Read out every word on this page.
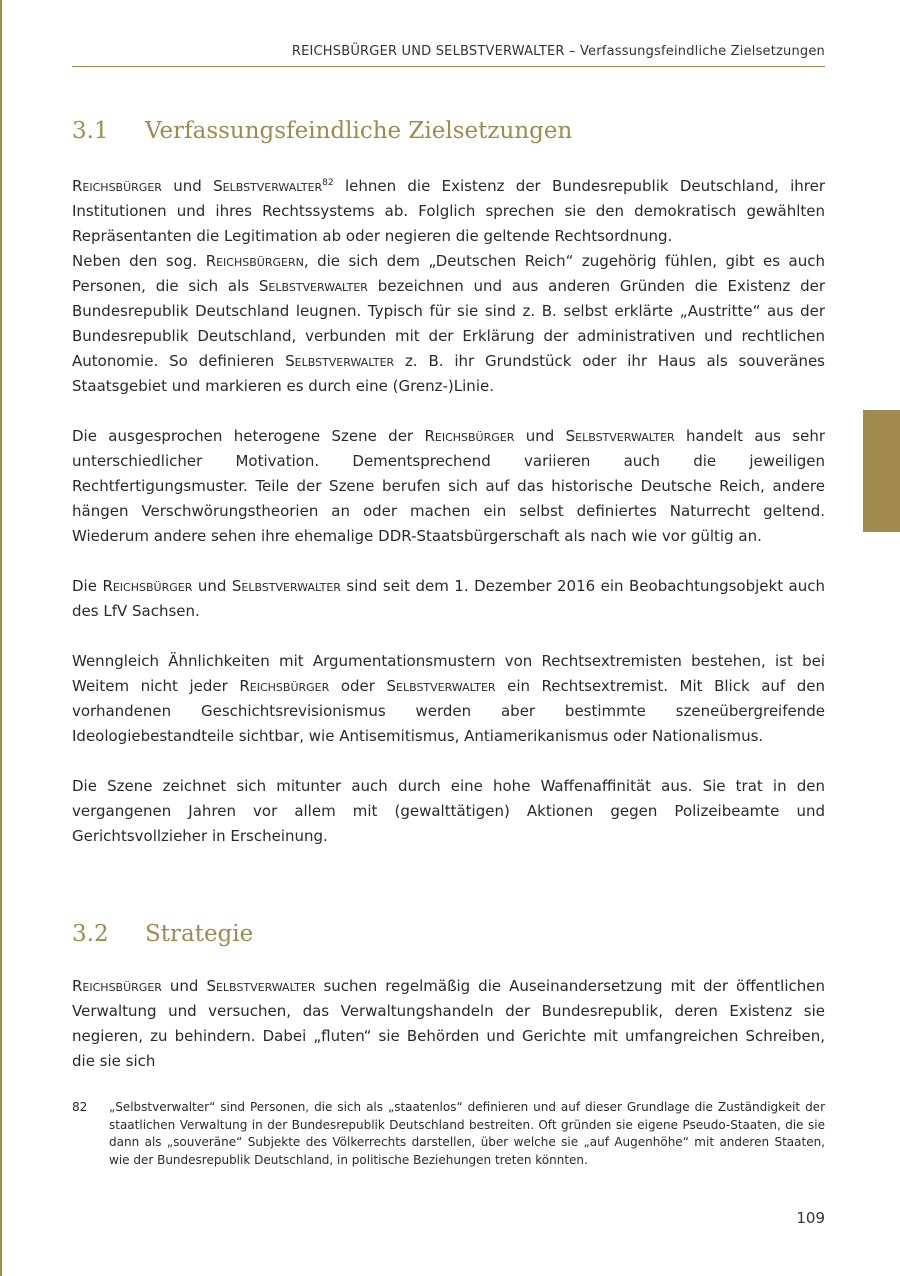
REICHSBÜRGER UND SELBSTVERWALTER – Verfassungsfeindliche Zielsetzungen
3.1 Verfassungsfeindliche Zielsetzungen

Reichsbürger und Selbstverwalter$^{82}$ lehnen die Existenz der Bundesrepublik Deutschland, ihrer Institutionen und ihres Rechtssystems ab. Folglich sprechen sie den demokratisch gewählten Repräsentanten die Legitimation ab oder negieren die geltende Rechtsordnung.

Neben den sog. Reichsbürgern, die sich dem „Deutschen Reich“ zugehörig fühlen, gibt es auch Personen, die sich als Selbstverwalter bezeichnen und aus anderen Gründen die Existenz der Bundesrepublik Deutschland leugnen. Typisch für sie sind z. B. selbst erklärte „Austritte“ aus der Bundesrepublik Deutschland, verbunden mit der Erklärung der administrativen und rechtlichen Autonomie. So definieren Selbstverwalter z. B. ihr Grundstück oder ihr Haus als souveränes Staatsgebiet und markieren es durch eine (Grenz-)Linie.

Die ausgesprochen heterogene Szene der Reichsbürger und Selbstverwalter handelt aus sehr unterschiedlicher Motivation. Dementsprechend variieren auch die jeweiligen Rechtfertigungsmuster. Teile der Szene berufen sich auf das historische Deutsche Reich, andere hängen Verschwörungstheorien an oder machen ein selbst definiertes Naturrecht geltend. Wiederum andere sehen ihre ehemalige DDR-Staatsbürgerschaft als nach wie vor gültig an.

Die Reichsbürger und Selbstverwalter sind seit dem 1. Dezember 2016 ein Beobachtungsobjekt auch des LfV Sachsen.

Wenngleich Ähnlichkeiten mit Argumentationsmustern von Rechtsextremisten bestehen, ist bei Weitem nicht jeder Reichsbürger oder Selbstverwalter ein Rechtsextremist. Mit Blick auf den vorhandenen Geschichtsrevisionismus werden aber bestimmte szeneübergreifende Ideologiebestandteile sichtbar, wie Antisemitismus, Antiamerikanismus oder Nationalismus.

Die Szene zeichnet sich mitunter auch durch eine hohe Waffenaffinität aus. Sie trat in den vergangenen Jahren vor allem mit (gewalttätigen) Aktionen gegen Polizeibeamte und Gerichtsvollzieher in Erscheinung.

3.2 Strategie

Reichsbürger und Selbstverwalter suchen regelmäßig die Auseinandersetzung mit der öffentlichen Verwaltung und versuchen, das Verwaltungshandeln der Bundesrepublik, deren Existenz sie negieren, zu behindern. Dabei „fluten“ sie Behörden und Gerichte mit umfangreichen Schreiben, die sie sich

82	„Selbstverwalter“ sind Personen, die sich als „staatenlos“ definieren und auf dieser Grundlage die Zuständigkeit der staatlichen Verwaltung in der Bundesrepublik Deutschland bestreiten. Oft gründen sie eigene Pseudo-Staaten, die sie dann als „souveräne“ Subjekte des Völkerrechts darstellen, über welche sie „auf Augenhöhe“ mit anderen Staaten, wie der Bundesrepublik Deutschland, in politische Beziehungen treten könnten.
109
